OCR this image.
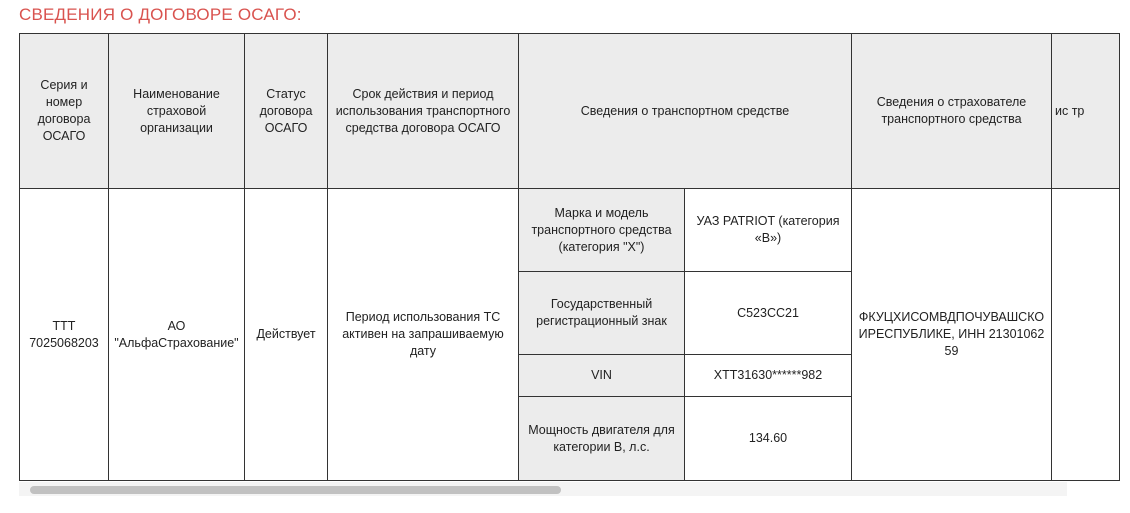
СВЕДЕНИЯ О ДОГОВОРЕ ОСАГО:
Серия и номер договора ОСАГО	Наименование страховой организации	Статус договора ОСАГО	Срок действия и период использования транспортного средства договора ОСАГО	Сведения о транспортном средстве		Сведения о страхователе транспортного средства	ис тр
ТТТ 7025068203	АО "АльфаСтрахование"	Действует	Период использования ТС активен на запрашиваемую дату	Марка и модель транспортного средства (категория "X")	УАЗ PATRIOT (категория «B»)	ФКУЦХИСОМВДПОЧУВАШСКОИРЕСПУБЛИКЕ, ИНН 2130106259	
				Государственный регистрационный знак	С523СС21		
				VIN	XTT31630******982		
				Мощность двигателя для категории B, л.с.	134.60		
